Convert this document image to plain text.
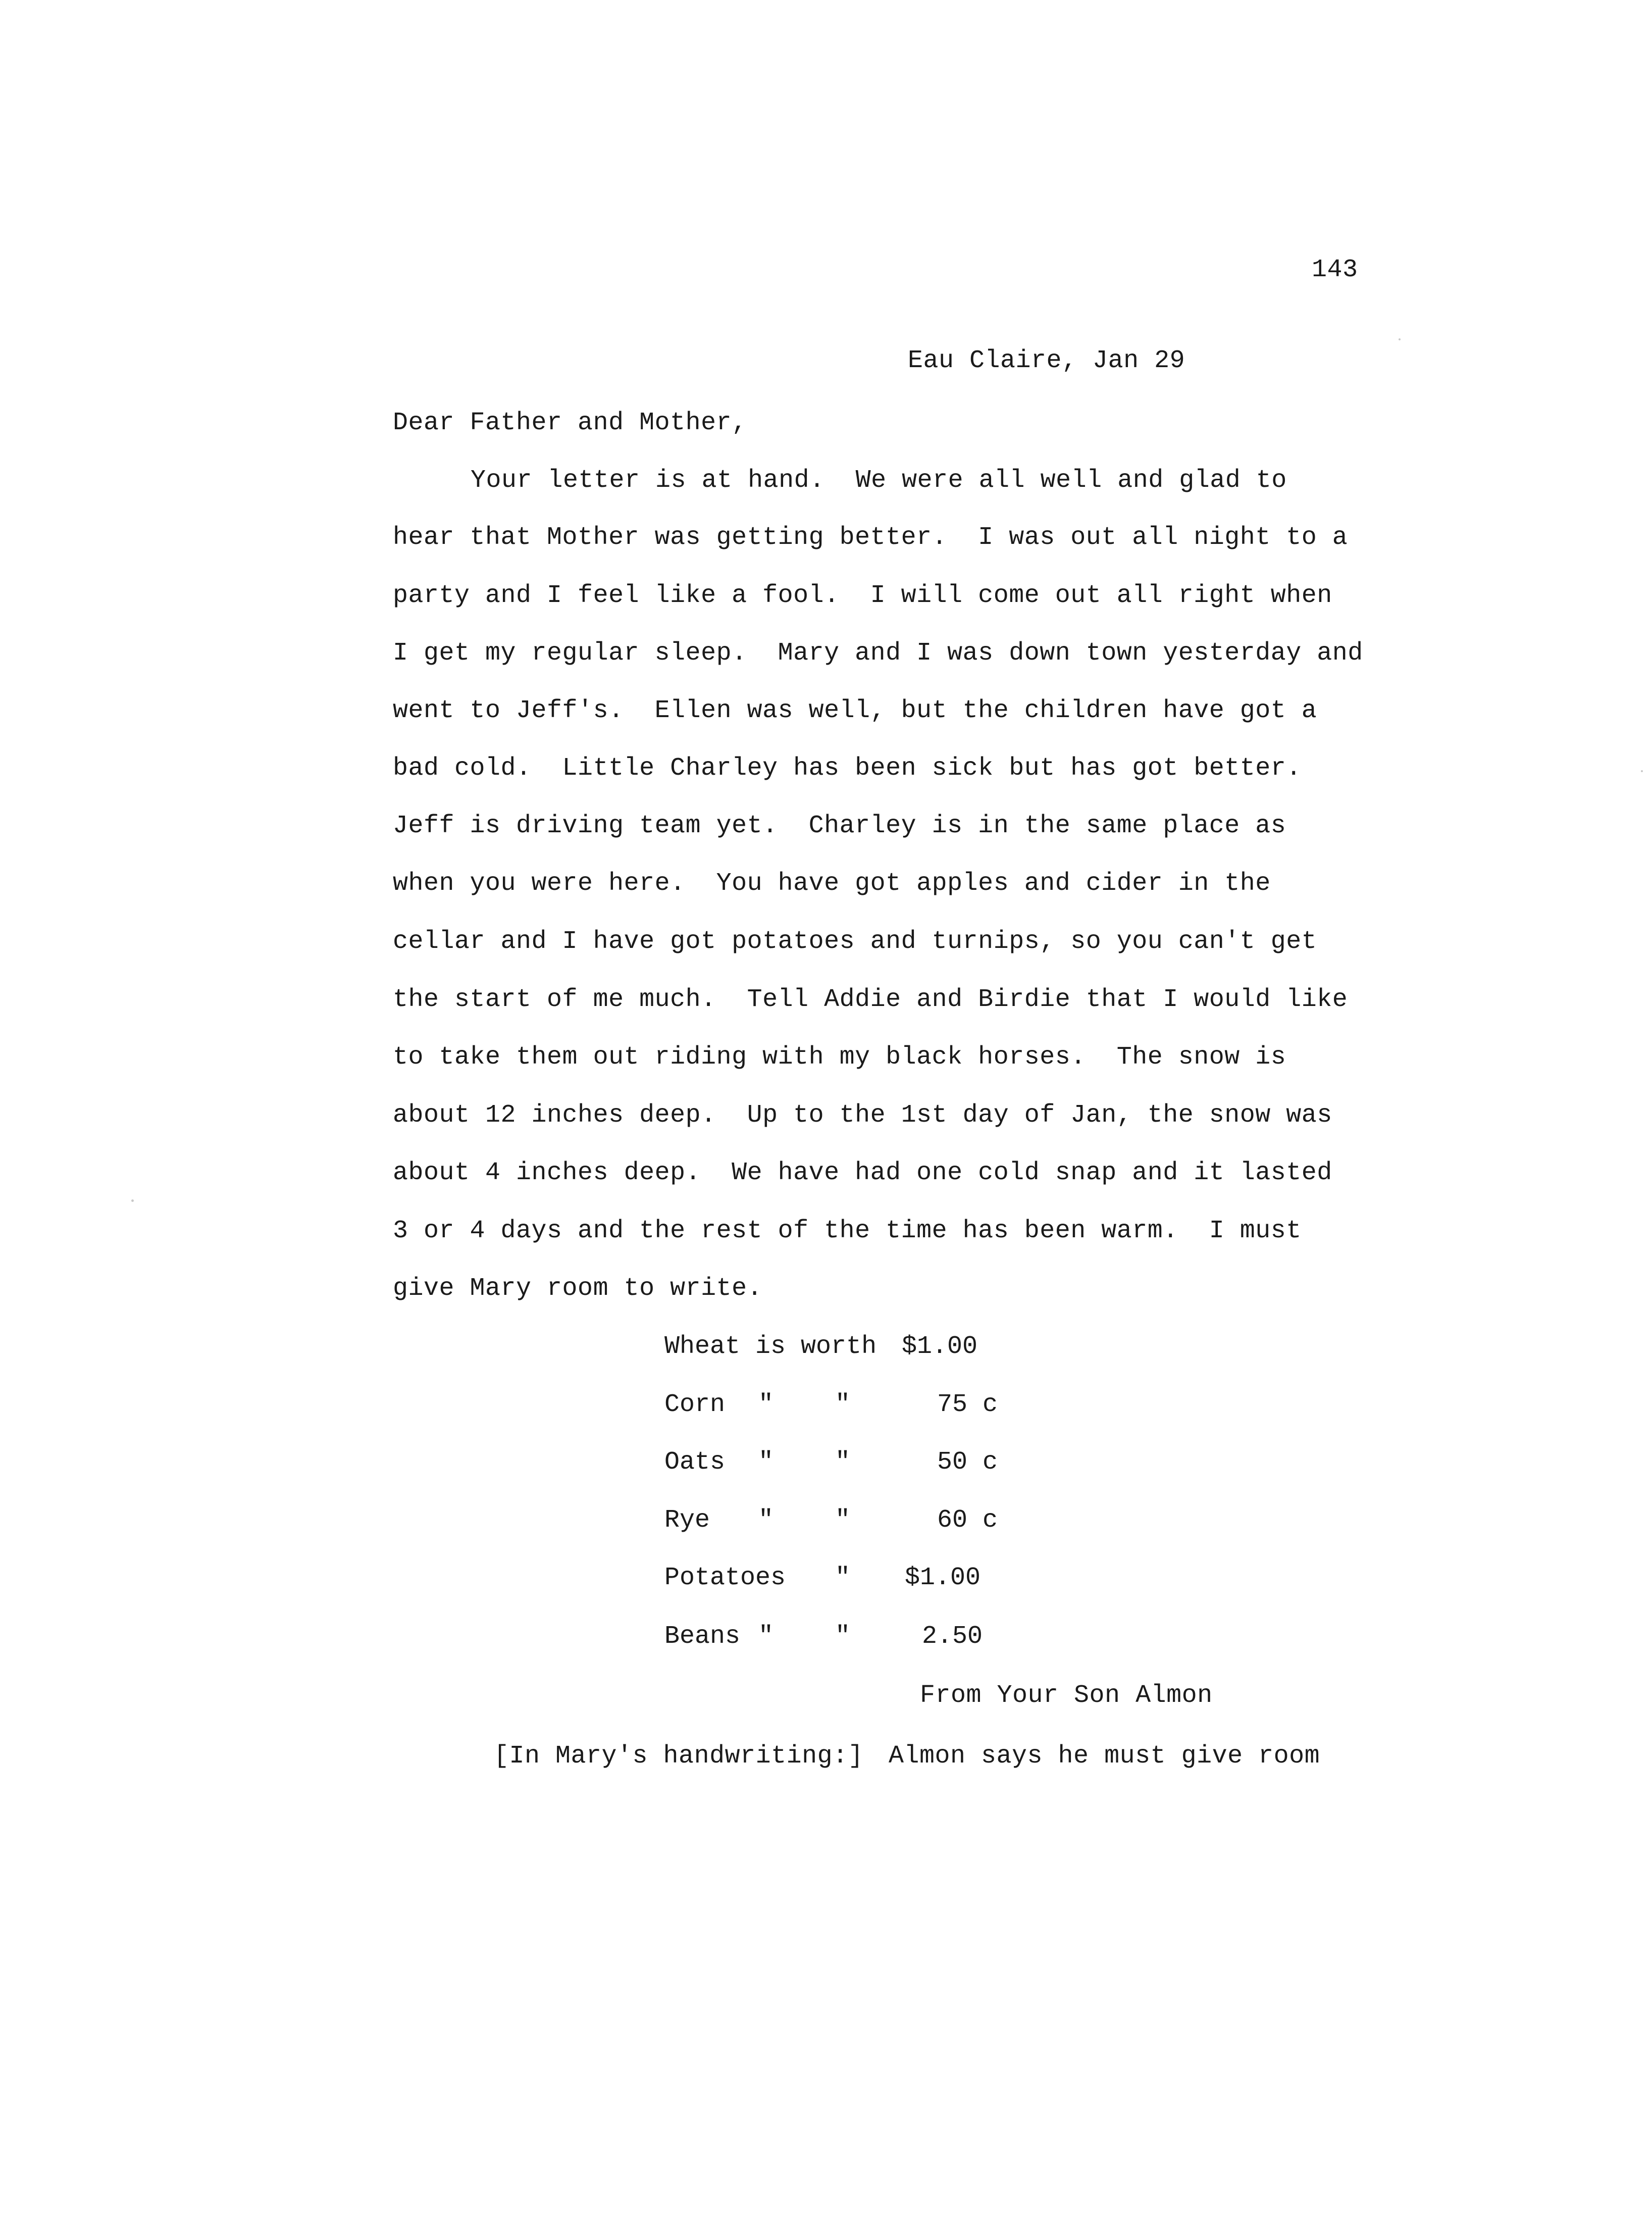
143
Eau Claire, Jan 29
Dear Father and Mother,
Your letter is at hand.  We were all well and glad to
hear that Mother was getting better.  I was out all night to a
party and I feel like a fool.  I will come out all right when
I get my regular sleep.  Mary and I was down town yesterday and
went to Jeff's.  Ellen was well, but the children have got a
bad cold.  Little Charley has been sick but has got better.
Jeff is driving team yet.  Charley is in the same place as
when you were here.  You have got apples and cider in the
cellar and I have got potatoes and turnips, so you can't get
the start of me much.  Tell Addie and Birdie that I would like
to take them out riding with my black horses.  The snow is
about 12 inches deep.  Up to the 1st day of Jan, the snow was
about 4 inches deep.  We have had one cold snap and it lasted
3 or 4 days and the rest of the time has been warm.  I must
give Mary room to write.
Wheat is worth $1.00
Corn " " 75 c
Oats " " 50 c
Rye " " 60 c
Potatoes " $1.00
Beans " " 2.50
From Your Son Almon
[In Mary's handwriting:] Almon says he must give room
